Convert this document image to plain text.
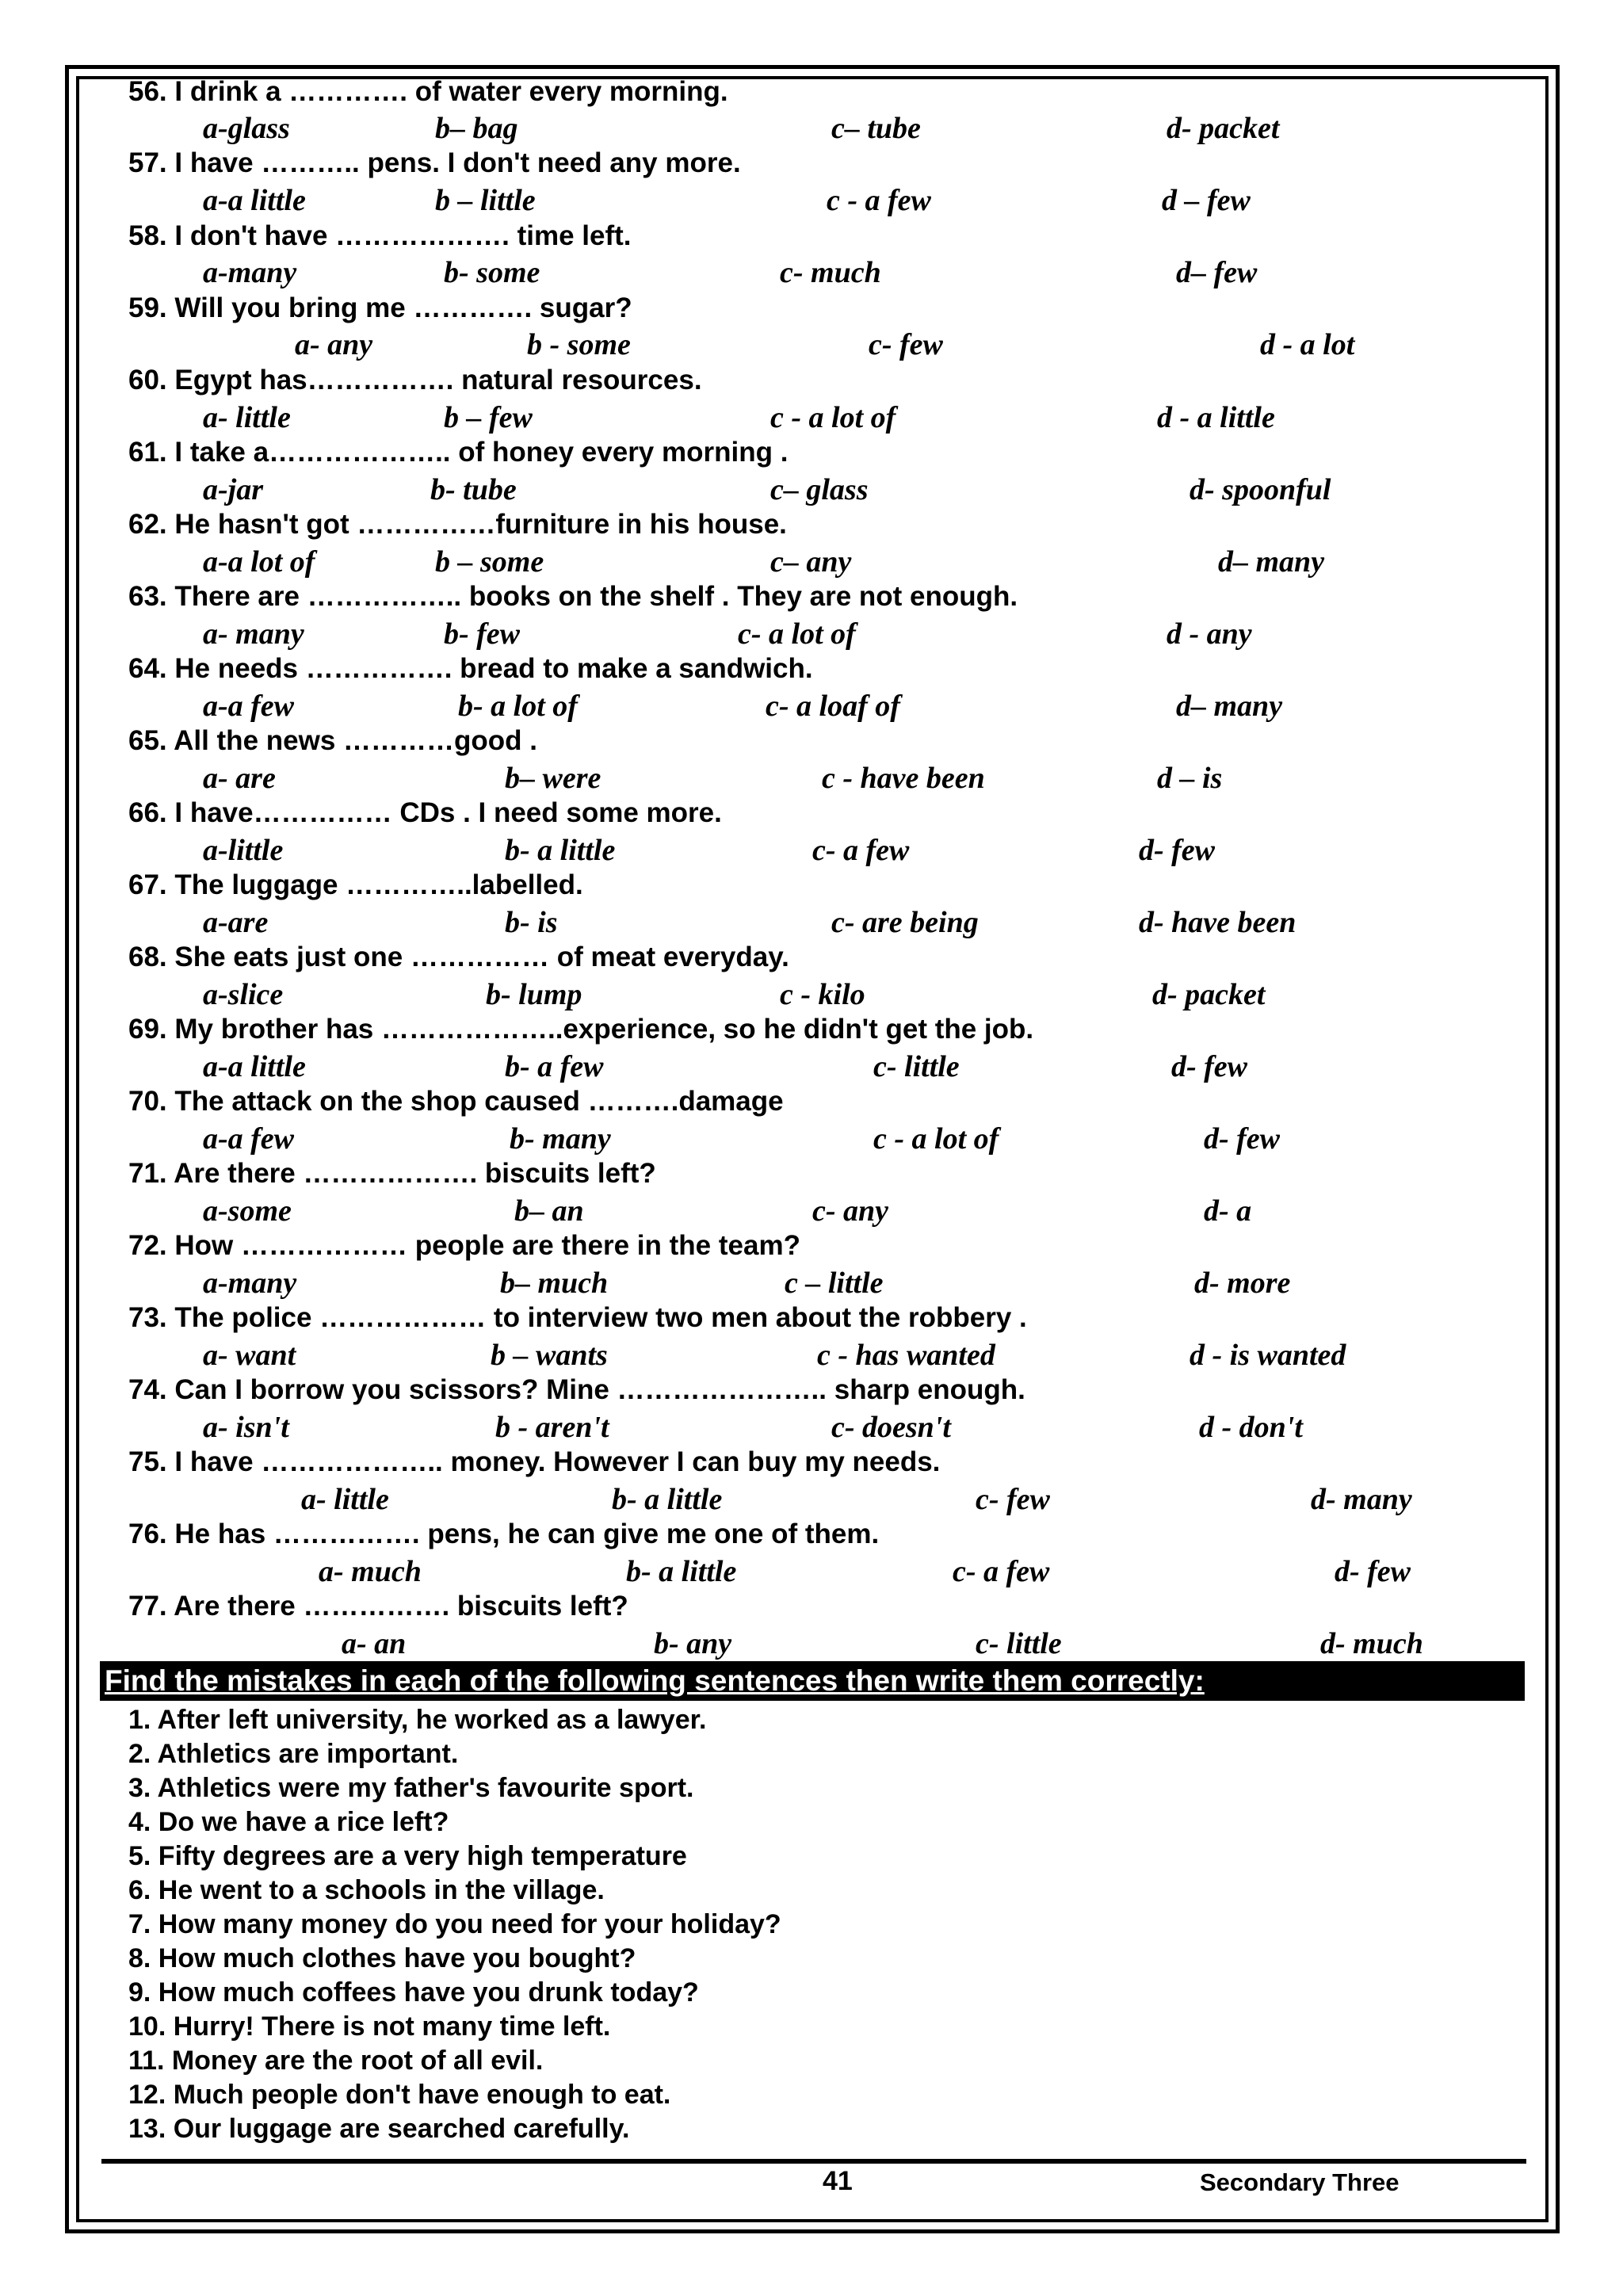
56. I drink a …………. of water every morning.
a-glass	b– bag	c– tube	d- packet
57. I have ……….. pens. I don't need any more.
a-a little	b – little	c - a few	d – few
58. I don't have ………………. time left.
a-many	b- some	c- much	d– few
59. Will you bring me …………. sugar?
a- any	b - some	c- few	d - a lot
60. Egypt has……………. natural resources.
a- little	b – few	c - a lot of	d - a little
61. I take a……………….. of honey every morning .
a-jar	b- tube	c– glass	d- spoonful
62. He hasn't got ……………furniture in his house.
a-a lot of	b – some	c– any	d– many
63. There are …………….. books on the shelf . They are not enough.
a- many	b- few	c- a lot of	d - any
64. He needs ……………. bread to make a sandwich.
a-a few	b- a lot of	c- a loaf of	d– many
65. All the news …………good .
a- are	b– were	c - have been	d – is
66. I have…………… CDs . I need some more.
a-little	b- a little	c- a few	d- few
67. The luggage …………..labelled.
a-are	b- is	c- are being	d- have been
68. She eats just one …………… of meat everyday.
a-slice	b- lump	c - kilo	d- packet
69. My brother has ………………..experience, so he didn't get the job.
a-a little	b- a few	c- little	d- few
70. The attack on the shop caused ……….damage
a-a few	b- many	c - a lot of	d- few
71. Are there ………………. biscuits left?
a-some	b– an	c- any	d- a
72. How ……………… people are there in the team?
a-many	b– much	c – little	d- more
73. The police ……………… to interview two men about the robbery .
a- want	b – wants	c - has wanted	d - is wanted
74. Can I borrow you scissors? Mine ………………….. sharp enough.
a- isn't	b - aren't	c- doesn't	d - don't
75. I have ……………….. money. However I can buy my needs.
a- little	b- a little	c- few	d- many
76. He has ……………. pens, he can give me one of them.
a- much	b- a little	c- a few	d- few
77. Are there ……………. biscuits left?
a- an	b- any	c- little	d- much
Find the mistakes in each of the following sentences then write them correctly:
1. After left university, he worked as a lawyer.
2. Athletics are important.
3. Athletics were my father's favourite sport.
4. Do we have a rice left?
5. Fifty degrees are a very high temperature
6. He went to a schools in the village.
7. How many money do you need for your holiday?
8. How much clothes have you bought?
9. How much coffees have you drunk today?
10. Hurry! There is not many time left.
11. Money are the root of all evil.
12. Much people don't have enough to eat.
13. Our luggage are searched carefully.
41	Secondary Three
